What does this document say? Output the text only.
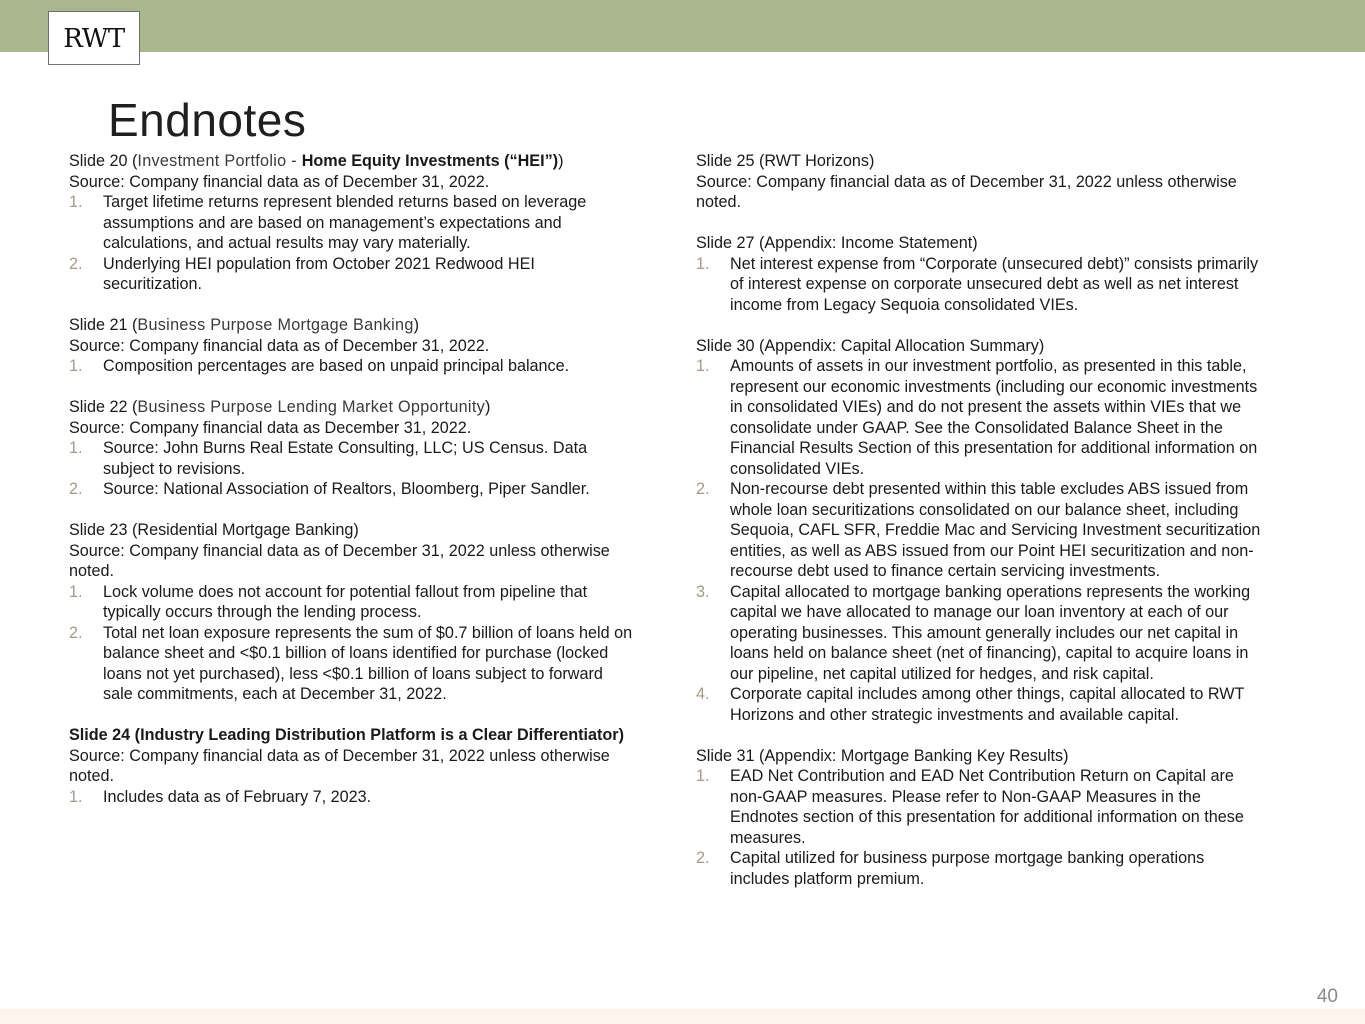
RWT
Endnotes
Slide 20 (Investment Portfolio - Home Equity Investments (“HEI”))
Source: Company financial data as of December 31, 2022.
1. Target lifetime returns represent blended returns based on leverage
assumptions and are based on management’s expectations and
calculations, and actual results may vary materially.
2. Underlying HEI population from October 2021 Redwood HEI
securitization.
Slide 21 (Business Purpose Mortgage Banking)
Source: Company financial data as of December 31, 2022.
1. Composition percentages are based on unpaid principal balance.
Slide 22 (Business Purpose Lending Market Opportunity)
Source: Company financial data as December 31, 2022.
1. Source: John Burns Real Estate Consulting, LLC; US Census. Data
subject to revisions.
2. Source: National Association of Realtors, Bloomberg, Piper Sandler.
Slide 23 (Residential Mortgage Banking)
Source: Company financial data as of December 31, 2022 unless otherwise
noted.
1. Lock volume does not account for potential fallout from pipeline that
typically occurs through the lending process.
2. Total net loan exposure represents the sum of $0.7 billion of loans held on
balance sheet and <$0.1 billion of loans identified for purchase (locked
loans not yet purchased), less <$0.1 billion of loans subject to forward
sale commitments, each at December 31, 2022.
Slide 24 (Industry Leading Distribution Platform is a Clear Differentiator)
Source: Company financial data as of December 31, 2022 unless otherwise
noted.
1. Includes data as of February 7, 2023.
Slide 25 (RWT Horizons)
Source: Company financial data as of December 31, 2022 unless otherwise
noted.
Slide 27 (Appendix: Income Statement)
1. Net interest expense from “Corporate (unsecured debt)” consists primarily
of interest expense on corporate unsecured debt as well as net interest
income from Legacy Sequoia consolidated VIEs.
Slide 30 (Appendix: Capital Allocation Summary)
1. Amounts of assets in our investment portfolio, as presented in this table,
represent our economic investments (including our economic investments
in consolidated VIEs) and do not present the assets within VIEs that we
consolidate under GAAP. See the Consolidated Balance Sheet in the
Financial Results Section of this presentation for additional information on
consolidated VIEs.
2. Non-recourse debt presented within this table excludes ABS issued from
whole loan securitizations consolidated on our balance sheet, including
Sequoia, CAFL SFR, Freddie Mac and Servicing Investment securitization
entities, as well as ABS issued from our Point HEI securitization and non-
recourse debt used to finance certain servicing investments.
3. Capital allocated to mortgage banking operations represents the working
capital we have allocated to manage our loan inventory at each of our
operating businesses. This amount generally includes our net capital in
loans held on balance sheet (net of financing), capital to acquire loans in
our pipeline, net capital utilized for hedges, and risk capital.
4. Corporate capital includes among other things, capital allocated to RWT
Horizons and other strategic investments and available capital.
Slide 31 (Appendix: Mortgage Banking Key Results)
1. EAD Net Contribution and EAD Net Contribution Return on Capital are
non-GAAP measures. Please refer to Non-GAAP Measures in the
Endnotes section of this presentation for additional information on these
measures.
2. Capital utilized for business purpose mortgage banking operations
includes platform premium.
40
